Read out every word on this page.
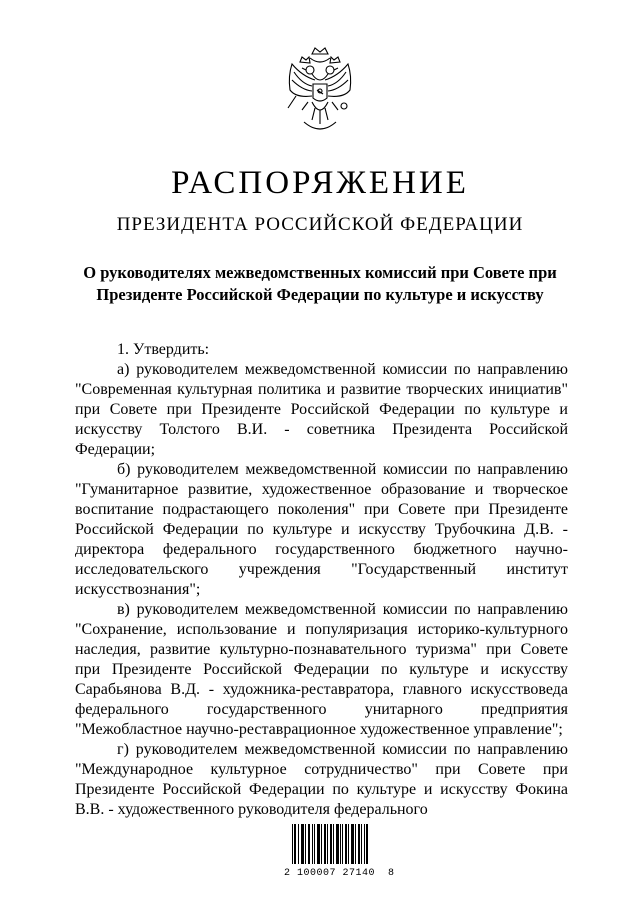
РАСПОРЯЖЕНИЕ
ПРЕЗИДЕНТА РОССИЙСКОЙ ФЕДЕРАЦИИ
О руководителях межведомственных комиссий при Совете при
Президенте Российской Федерации по культуре и искусству

1. Утвердить:

а) руководителем межведомственной комиссии по направлению "Современная культурная политика и развитие творческих инициатив" при Совете при Президенте Российской Федерации по культуре и искусству Толстого В.И. - советника Президента Российской Федерации;

б) руководителем межведомственной комиссии по направлению "Гуманитарное развитие, художественное образование и творческое воспитание подрастающего поколения" при Совете при Президенте Российской Федерации по культуре и искусству Трубочкина Д.В. - директора федерального государственного бюджетного научно-исследовательского учреждения "Государственный институт искусствознания";

в) руководителем межведомственной комиссии по направлению "Сохранение, использование и популяризация историко-культурного наследия, развитие культурно-познавательного туризма" при Совете при Президенте Российской Федерации по культуре и искусству Сарабьянова В.Д. - художника-реставратора, главного искусствоведа федерального государственного унитарного предприятия "Межобластное научно-реставрационное художественное управление";

г) руководителем межведомственной комиссии по направлению "Международное культурное сотрудничество" при Совете при Президенте Российской Федерации по культуре и искусству Фокина В.В. - художественного руководителя федерального

2 100007 27140  8
